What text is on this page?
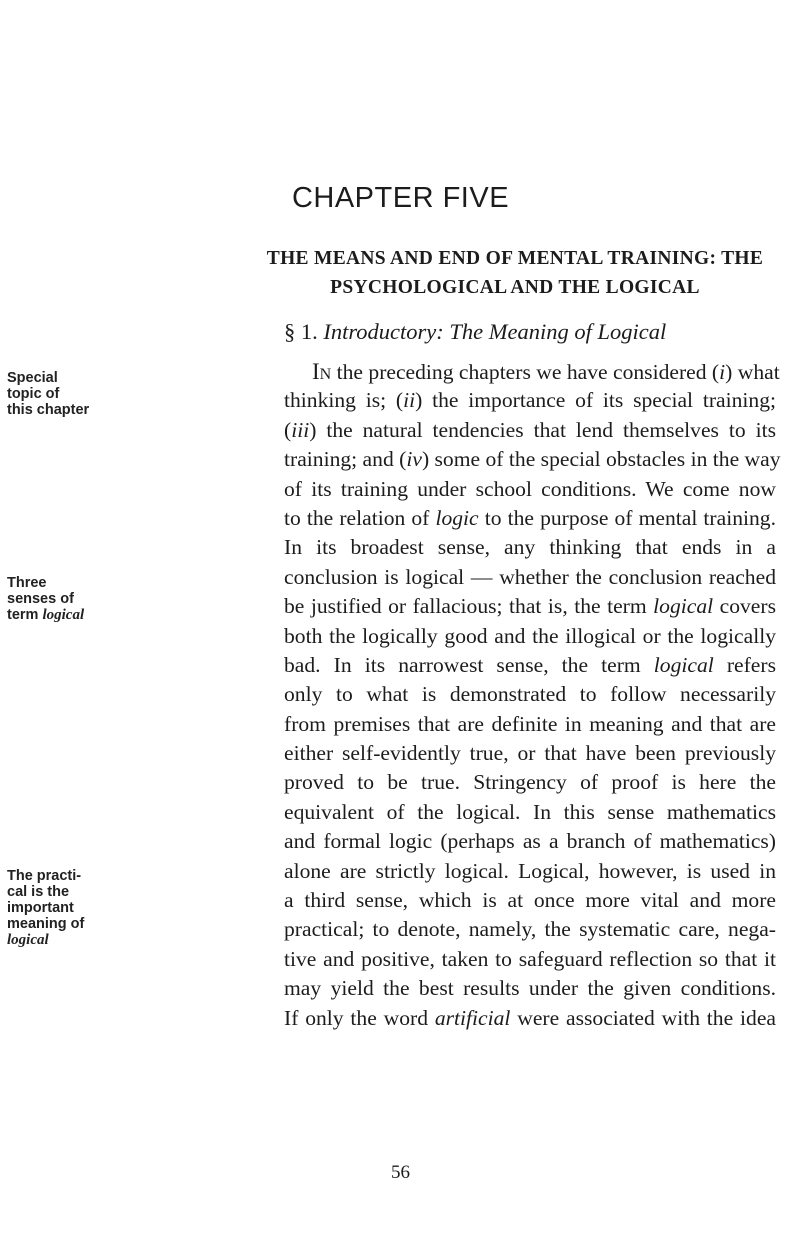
CHAPTER FIVE
THE MEANS AND END OF MENTAL TRAINING: THE
PSYCHOLOGICAL AND THE LOGICAL
§ 1. Introductory: The Meaning of Logical
Special
topic of
this chapter
Three
senses of
term logical
The practi-
cal is the
important
meaning of
logical
In the preceding chapters we have considered (i) what
thinking is; (ii) the importance of its special training;
(iii) the natural tendencies that lend themselves to its
training; and (iv) some of the special obstacles in the way
of its training under school conditions. We come now
to the relation of logic to the purpose of mental training.
In its broadest sense, any thinking that ends in a
conclusion is logical — whether the conclusion reached
be justified or fallacious; that is, the term logical covers
both the logically good and the illogical or the logically
bad. In its narrowest sense, the term logical refers
only to what is demonstrated to follow necessarily
from premises that are definite in meaning and that are
either self-evidently true, or that have been previously
proved to be true. Stringency of proof is here the
equivalent of the logical. In this sense mathematics
and formal logic (perhaps as a branch of mathematics)
alone are strictly logical. Logical, however, is used in
a third sense, which is at once more vital and more
practical; to denote, namely, the systematic care, nega-
tive and positive, taken to safeguard reflection so that it
may yield the best results under the given conditions.
If only the word artificial were associated with the idea
56
